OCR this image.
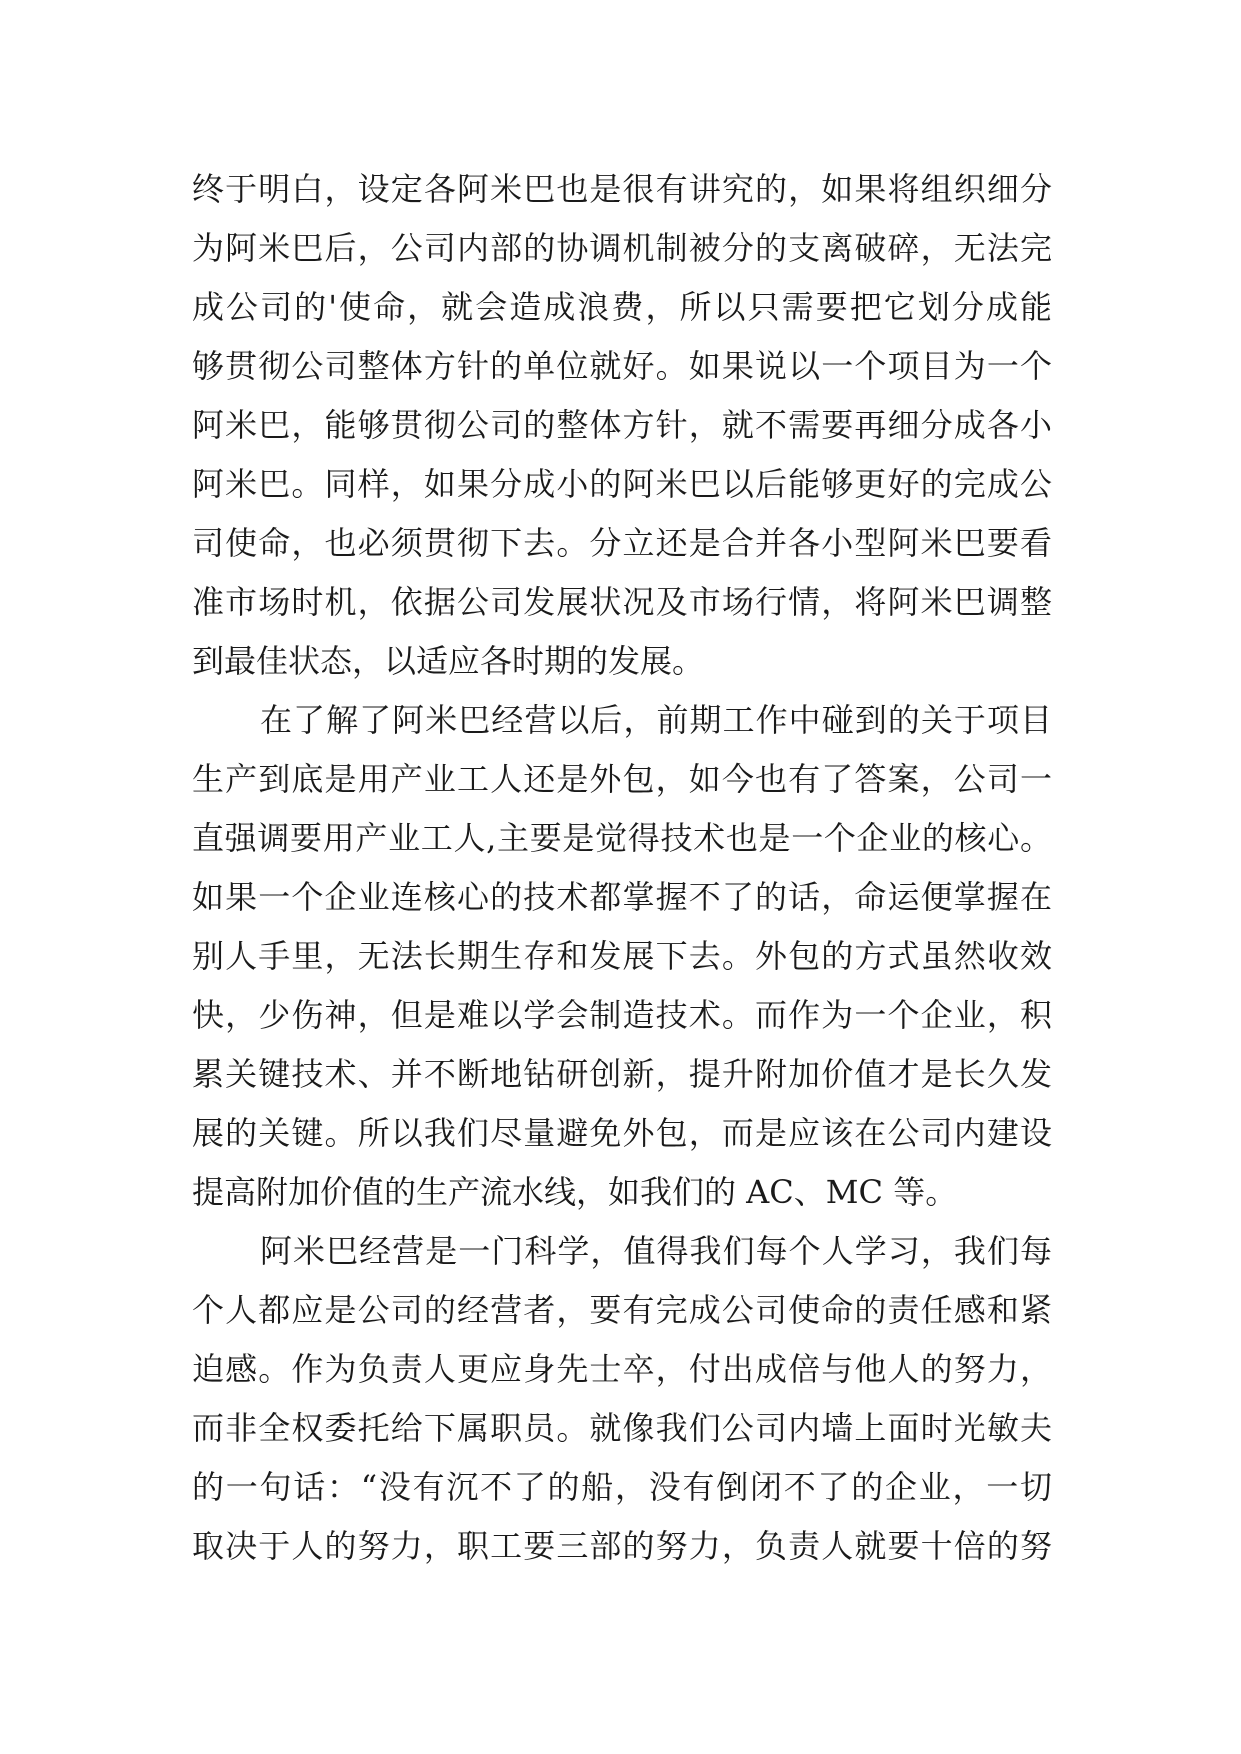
终于明白，设定各阿米巴也是很有讲究的，如果将组织细分
为阿米巴后，公司内部的协调机制被分的支离破碎，无法完
成公司的'使命，就会造成浪费，所以只需要把它划分成能
够贯彻公司整体方针的单位就好。如果说以一个项目为一个
阿米巴，能够贯彻公司的整体方针，就不需要再细分成各小
阿米巴。同样，如果分成小的阿米巴以后能够更好的完成公
司使命，也必须贯彻下去。分立还是合并各小型阿米巴要看
准市场时机，依据公司发展状况及市场行情，将阿米巴调整
到最佳状态，以适应各时期的发展。
在了解了阿米巴经营以后，前期工作中碰到的关于项目
生产到底是用产业工人还是外包，如今也有了答案，公司一
直强调要用产业工人,主要是觉得技术也是一个企业的核心。
如果一个企业连核心的技术都掌握不了的话，命运便掌握在
别人手里，无法长期生存和发展下去。外包的方式虽然收效
快，少伤神，但是难以学会制造技术。而作为一个企业，积
累关键技术、并不断地钻研创新，提升附加价值才是长久发
展的关键。所以我们尽量避免外包，而是应该在公司内建设
提高附加价值的生产流水线，如我们的 AC、MC 等。
阿米巴经营是一门科学，值得我们每个人学习，我们每
个人都应是公司的经营者，要有完成公司使命的责任感和紧
迫感。作为负责人更应身先士卒，付出成倍与他人的努力，
而非全权委托给下属职员。就像我们公司内墙上面时光敏夫
的一句话：“没有沉不了的船，没有倒闭不了的企业，一切
取决于人的努力，职工要三部的努力，负责人就要十倍的努
